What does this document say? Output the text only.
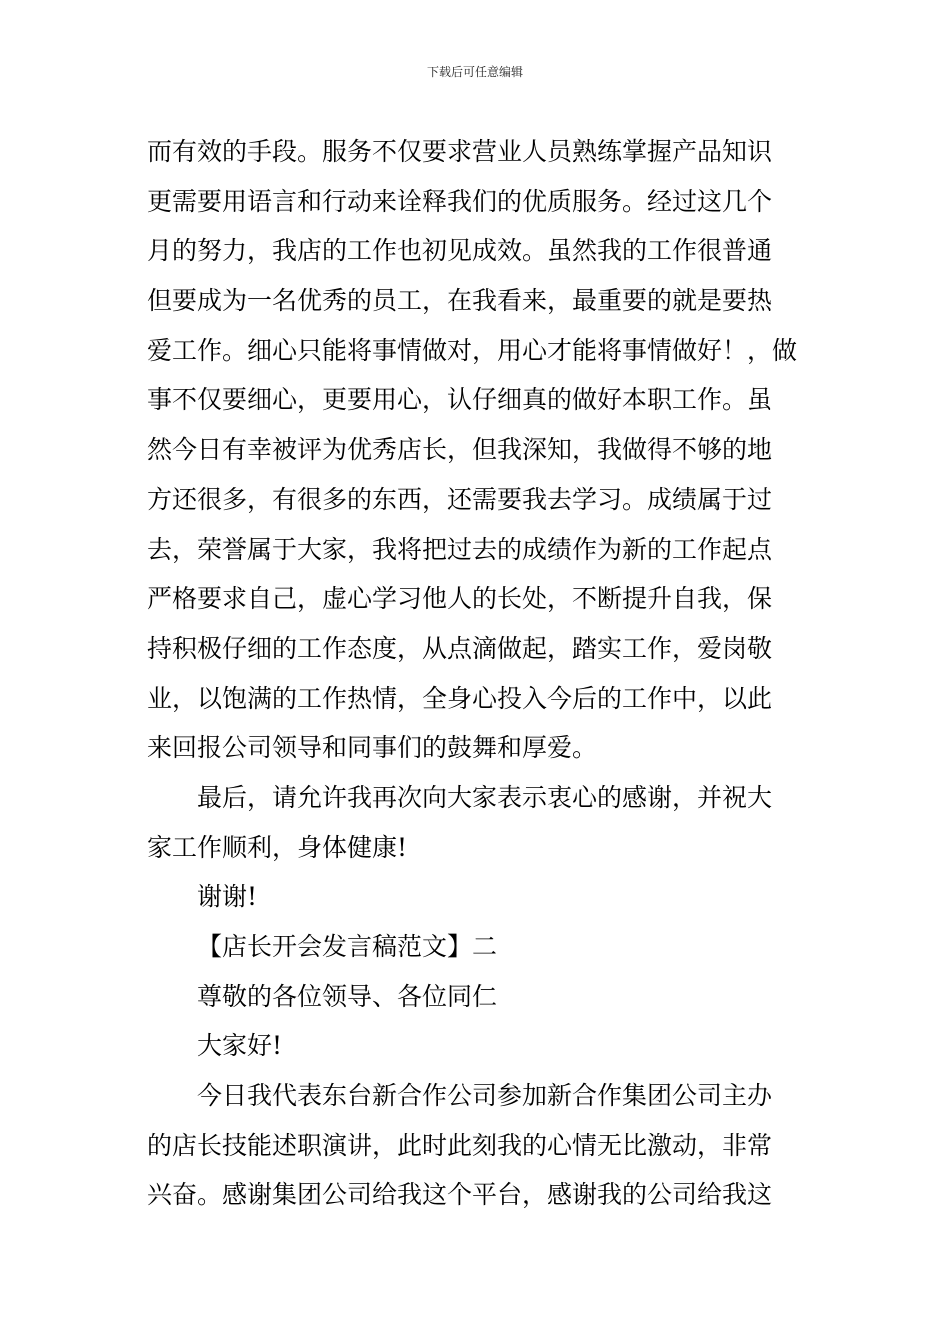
下载后可任意编辑
而有效的手段。服务不仅要求营业人员熟练掌握产品知识
更需要用语言和行动来诠释我们的优质服务。经过这几个
月的努力，我店的工作也初见成效。虽然我的工作很普通
但要成为一名优秀的员工，在我看来，最重要的就是要热
爱工作。细心只能将事情做对，用心才能将事情做好！，做
事不仅要细心，更要用心，认仔细真的做好本职工作。虽
然今日有幸被评为优秀店长，但我深知，我做得不够的地
方还很多，有很多的东西，还需要我去学习。成绩属于过
去，荣誉属于大家，我将把过去的成绩作为新的工作起点
严格要求自己，虚心学习他人的长处，不断提升自我，保
持积极仔细的工作态度，从点滴做起，踏实工作，爱岗敬
业，以饱满的工作热情，全身心投入今后的工作中，以此
来回报公司领导和同事们的鼓舞和厚爱。
最后，请允许我再次向大家表示衷心的感谢，并祝大
家工作顺利，身体健康!
谢谢!
【店长开会发言稿范文】二
尊敬的各位领导、各位同仁
大家好!
今日我代表东台新合作公司参加新合作集团公司主办
的店长技能述职演讲，此时此刻我的心情无比激动，非常
兴奋。感谢集团公司给我这个平台，感谢我的公司给我这
